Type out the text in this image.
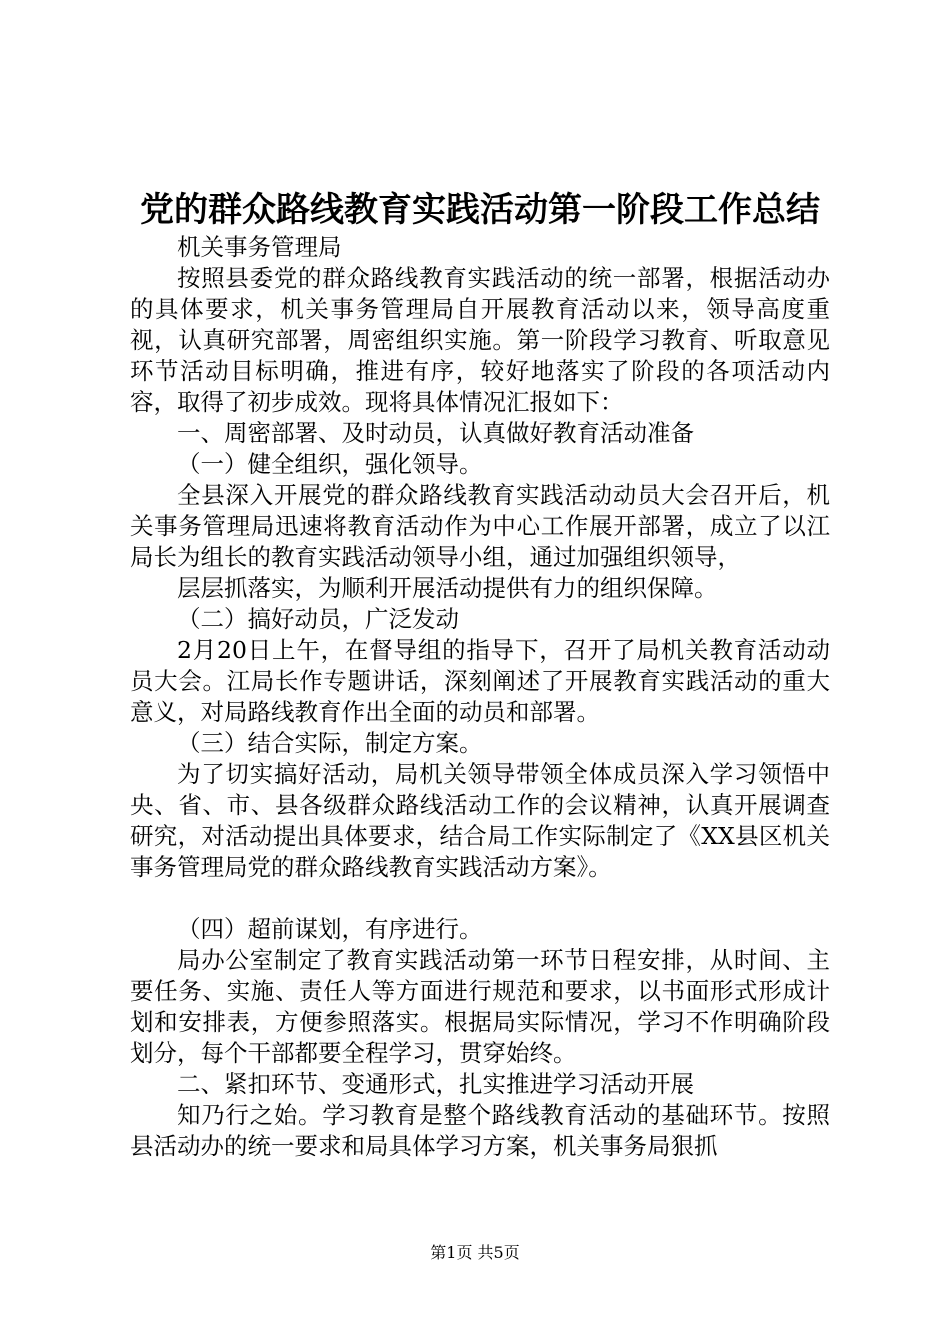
党的群众路线教育实践活动第一阶段工作总结

机关事务管理局

按照县委党的群众路线教育实践活动的统一部署，根据活动办的具体要求，机关事务管理局自开展教育活动以来，领导高度重视，认真研究部署，周密组织实施。第一阶段学习教育、听取意见环节活动目标明确，推进有序，较好地落实了阶段的各项活动内容，取得了初步成效。现将具体情况汇报如下：

一、周密部署、及时动员，认真做好教育活动准备

（一）健全组织，强化领导。

全县深入开展党的群众路线教育实践活动动员大会召开后，机关事务管理局迅速将教育活动作为中心工作展开部署，成立了以江局长为组长的教育实践活动领导小组，通过加强组织领导，

层层抓落实，为顺利开展活动提供有力的组织保障。

（二）搞好动员，广泛发动

2月20日上午，在督导组的指导下，召开了局机关教育活动动员大会。江局长作专题讲话，深刻阐述了开展教育实践活动的重大意义，对局路线教育作出全面的动员和部署。

（三）结合实际，制定方案。

为了切实搞好活动，局机关领导带领全体成员深入学习领悟中央、省、市、县各级群众路线活动工作的会议精神，认真开展调查研究，对活动提出具体要求，结合局工作实际制定了《XX县区机关事务管理局党的群众路线教育实践活动方案》。

（四）超前谋划，有序进行。

局办公室制定了教育实践活动第一环节日程安排，从时间、主要任务、实施、责任人等方面进行规范和要求，以书面形式形成计划和安排表，方便参照落实。根据局实际情况，学习不作明确阶段划分，每个干部都要全程学习，贯穿始终。

二、紧扣环节、变通形式，扎实推进学习活动开展

知乃行之始。学习教育是整个路线教育活动的基础环节。按照县活动办的统一要求和局具体学习方案，机关事务局狠抓

第1页 共5页
